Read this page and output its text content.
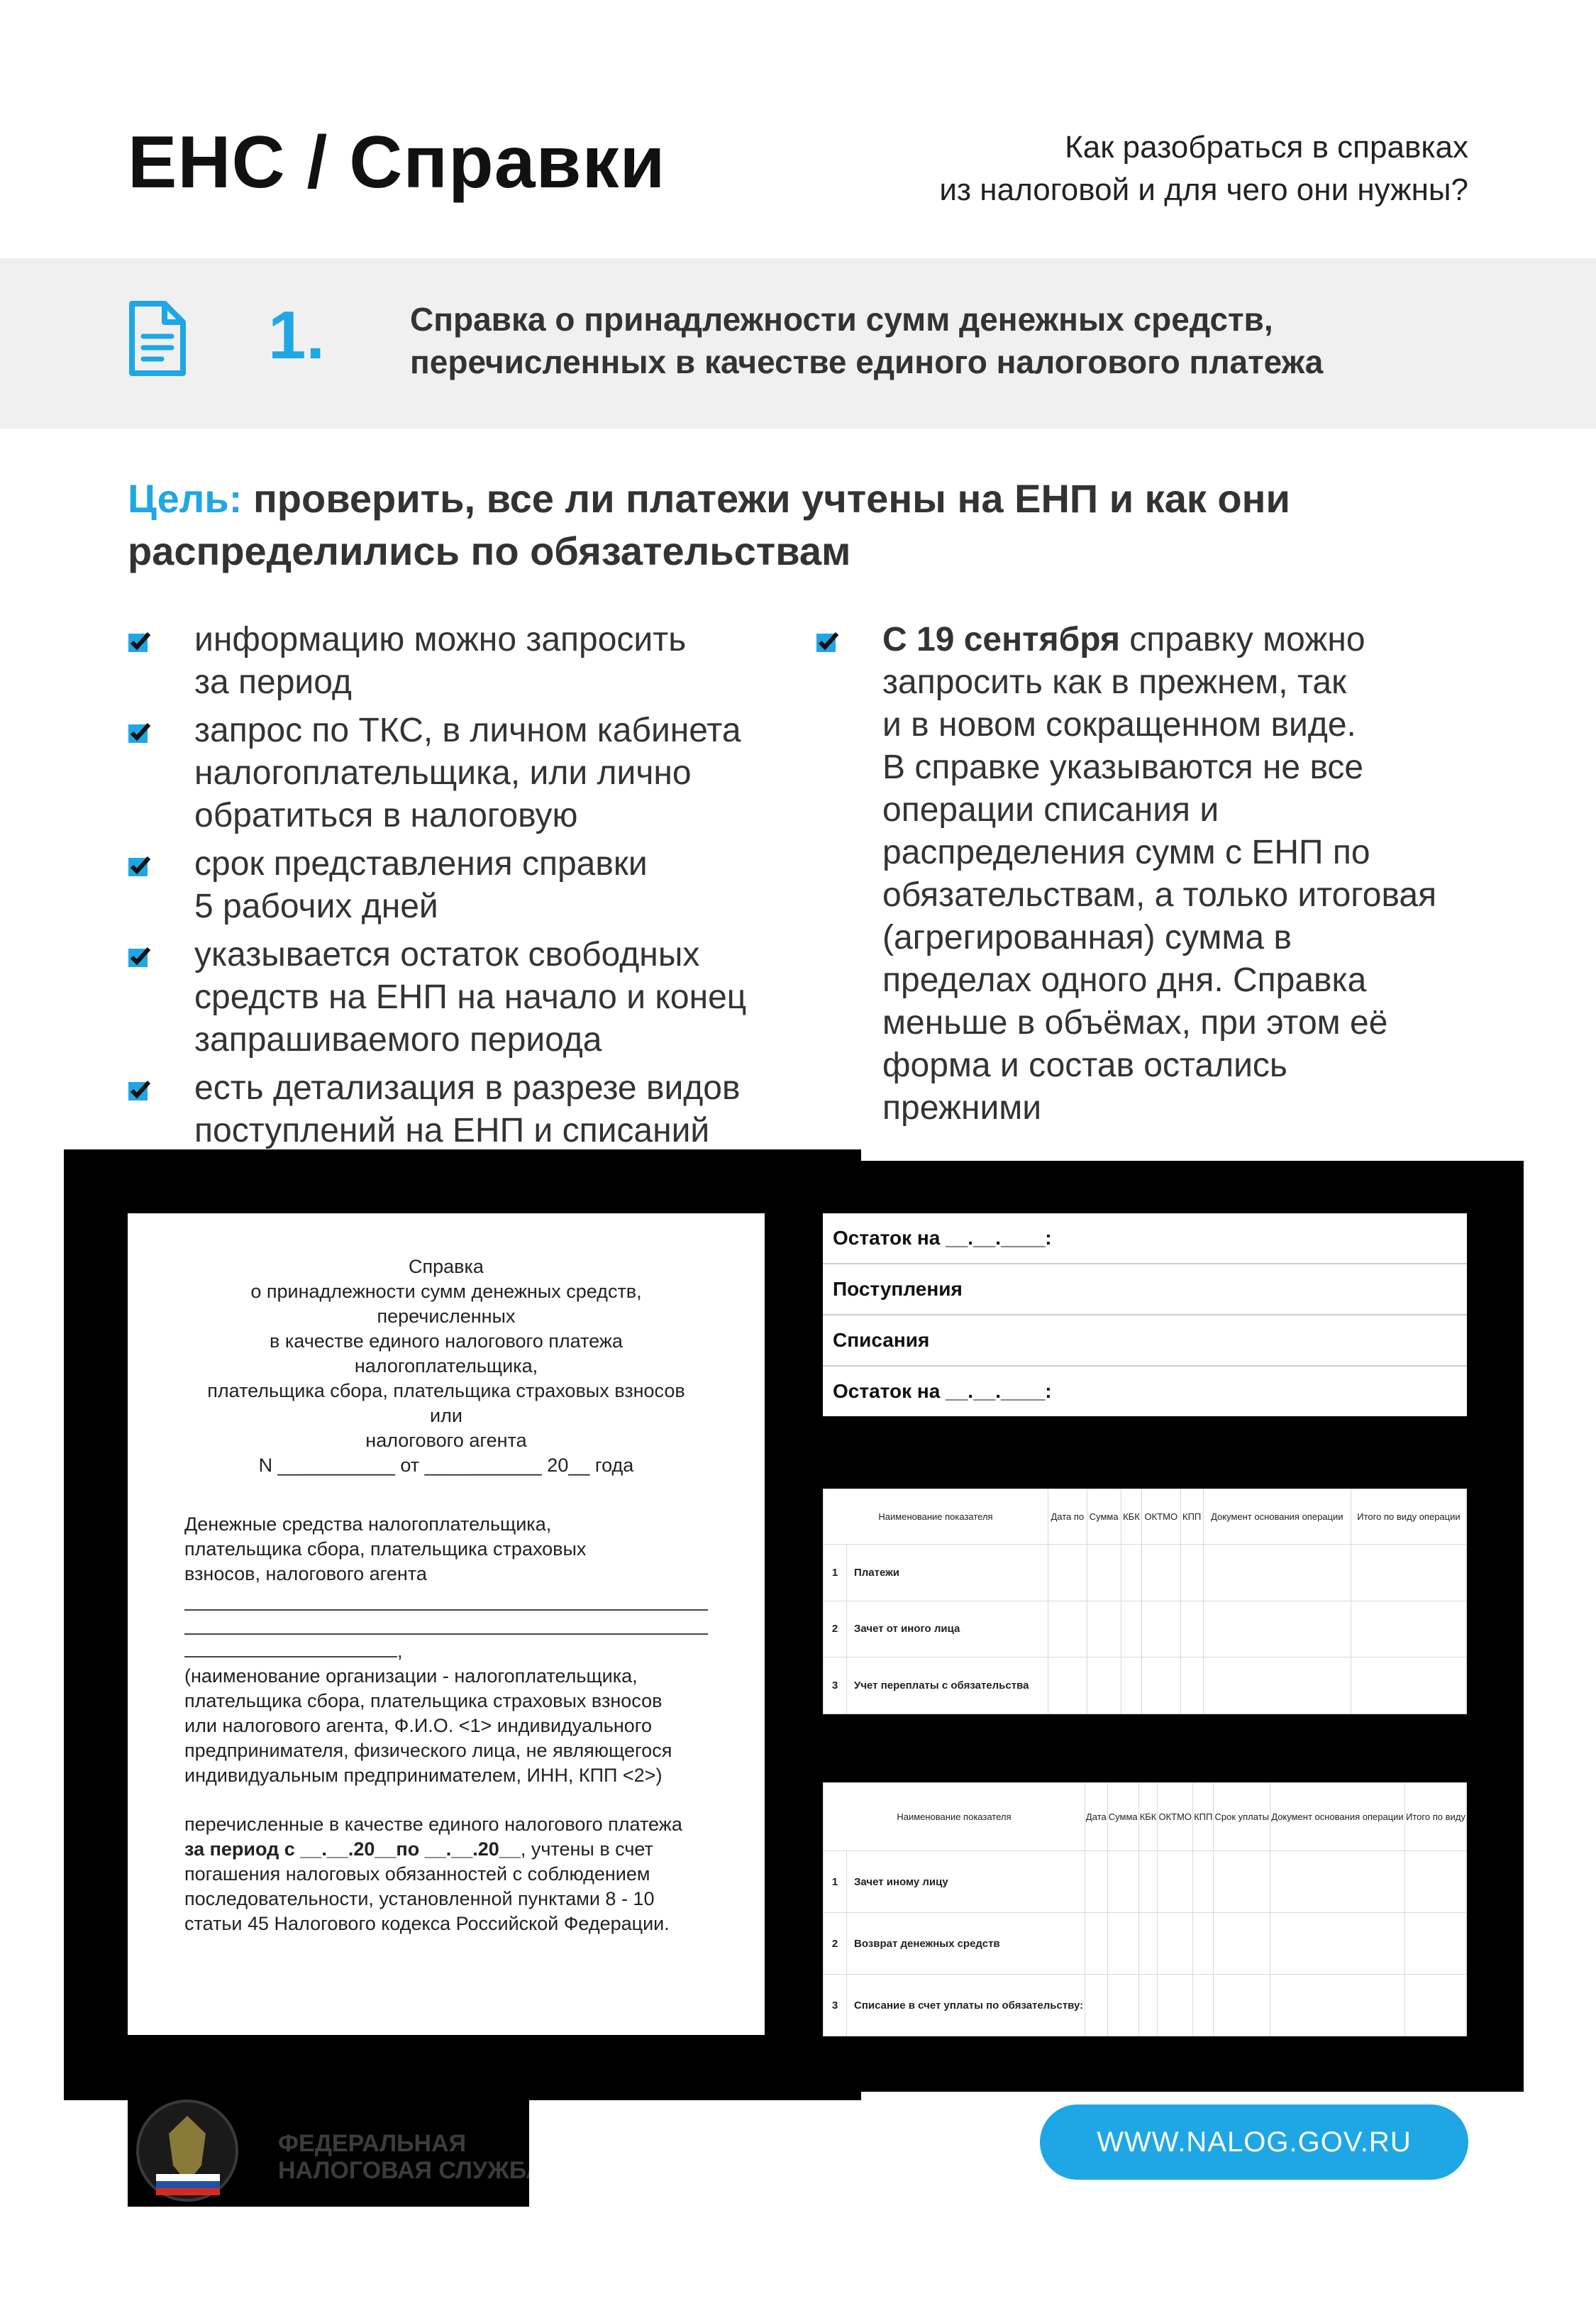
ЕНС / Справки	Как разобраться в справках
из налоговой и для чего они нужны?
1.	Справка о принадлежности сумм денежных средств,
перечисленных в качестве единого налогового платежа
Цель: проверить, все ли платежи учтены на ЕНП и как они
распределились по обязательствам
информацию можно запросить
за период
запрос по ТКС, в личном кабинета
налогоплательщика, или лично
обратиться в налоговую
срок представления справки
5 рабочих дней
указывается остаток свободных
средств на ЕНП на начало и конец
запрашиваемого периода
есть детализация в разрезе видов
поступлений на ЕНП и списаний
С 19 сентября справку можно
запросить как в прежнем, так
и в новом сокращенном виде.
В справке указываются не все
операции списания и
распределения сумм с ЕНП по
обязательствам, а только итоговая
(агрегированная) сумма в
пределах одного дня. Справка
меньше в объёмах, при этом её
форма и состав остались
прежними
Справка
о принадлежности сумм денежных средств,
перечисленных
в качестве единого налогового платежа
налогоплательщика,
плательщика сбора, плательщика страховых взносов
или
налогового агента
N ___________ от ___________ 20__ года
Денежные средства налогоплательщика,
плательщика сбора, плательщика страховых
взносов, налогового агента
,
(наименование организации - налогоплательщика,
плательщика сбора, плательщика страховых взносов
или налогового агента, Ф.И.О. <1> индивидуального
предпринимателя, физического лица, не являющегося
индивидуальным предпринимателем, ИНН, КПП <2>)
перечисленные в качестве единого налогового платежа
за период с __.__.20__по __.__.20__, учтены в счет
погашения налоговых обязанностей с соблюдением
последовательности, установленной пунктами 8 - 10
статьи 45 Налогового кодекса Российской Федерации.
Остаток на __.__.____:
Поступления
Списания
Остаток на __.__.____:
Наименование показателя		Дата по	Сумма	КБК	ОКТМО	КПП	Документ основания операции	Итого по виду операции
1	Платежи							
2	Зачет от иного лица							
3	Учет переплаты с обязательства							
Наименование показателя		Дата	Сумма	КБК	ОКТМО	КПП	Срок уплаты	Документ основания операции	Итого по виду
1	Зачет иному лицу								
2	Возврат денежных средств								
3	Списание в счет уплаты по обязательству:								
ФЕДЕРАЛЬНАЯ
НАЛОГОВАЯ СЛУЖБА
WWW.NALOG.GOV.RU
